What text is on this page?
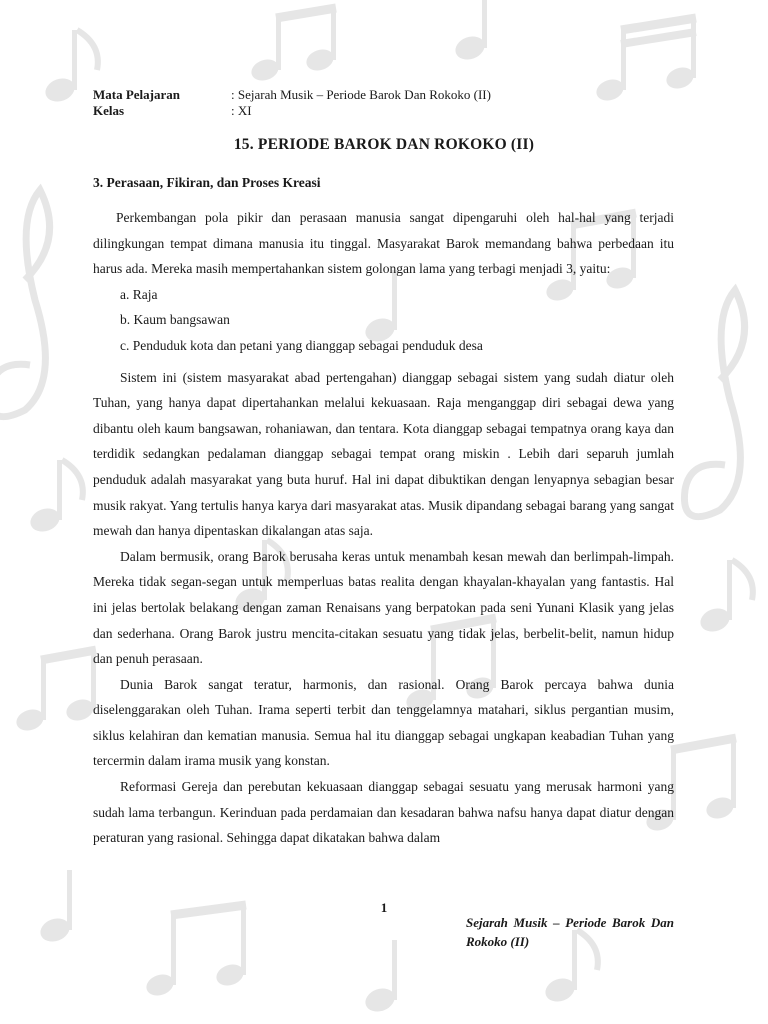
Mata Pelajaran	: Sejarah Musik – Periode Barok Dan Rokoko (II)
Kelas	: XI
15. PERIODE BAROK DAN ROKOKO (II)
3. Perasaan, Fikiran, dan Proses Kreasi

Perkembangan pola pikir dan perasaan manusia sangat dipengaruhi oleh hal-hal yang terjadi dilingkungan tempat dimana manusia itu tinggal. Masyarakat Barok memandang bahwa perbedaan itu harus ada. Mereka masih mempertahankan sistem golongan lama yang terbagi menjadi 3, yaitu:

a. Raja
b. Kaum bangsawan
c. Penduduk kota dan petani yang dianggap sebagai penduduk desa

Sistem ini (sistem masyarakat abad pertengahan) dianggap sebagai sistem yang sudah diatur oleh Tuhan, yang hanya dapat dipertahankan melalui kekuasaan. Raja menganggap diri sebagai dewa yang dibantu oleh kaum bangsawan, rohaniawan, dan tentara. Kota dianggap sebagai tempatnya orang kaya dan terdidik sedangkan pedalaman dianggap sebagai tempat orang miskin . Lebih dari separuh jumlah penduduk adalah masyarakat yang buta huruf. Hal ini dapat dibuktikan dengan lenyapnya sebagian besar musik rakyat. Yang tertulis hanya karya dari masyarakat atas. Musik dipandang sebagai barang yang sangat mewah dan hanya dipentaskan dikalangan atas saja.

Dalam bermusik, orang Barok berusaha keras untuk menambah kesan mewah dan berlimpah-limpah. Mereka tidak segan-segan untuk memperluas batas realita dengan khayalan-khayalan yang fantastis. Hal ini jelas bertolak belakang dengan zaman Renaisans yang berpatokan pada seni Yunani Klasik yang jelas dan sederhana. Orang Barok justru mencita-citakan sesuatu yang tidak jelas, berbelit-belit, namun hidup dan penuh perasaan.

Dunia Barok sangat teratur, harmonis, dan rasional. Orang Barok percaya bahwa dunia diselenggarakan oleh Tuhan. Irama seperti terbit dan tenggelamnya matahari, siklus pergantian musim, siklus kelahiran dan kematian manusia. Semua hal itu dianggap sebagai ungkapan keabadian Tuhan yang tercermin dalam irama musik yang konstan.

Reformasi Gereja dan perebutan kekuasaan dianggap sebagai sesuatu yang merusak harmoni yang sudah lama terbangun. Kerinduan pada perdamaian dan kesadaran bahwa nafsu hanya dapat diatur dengan peraturan yang rasional. Sehingga dapat dikatakan bahwa dalam

1
Sejarah Musik – Periode Barok Dan Rokoko (II)
